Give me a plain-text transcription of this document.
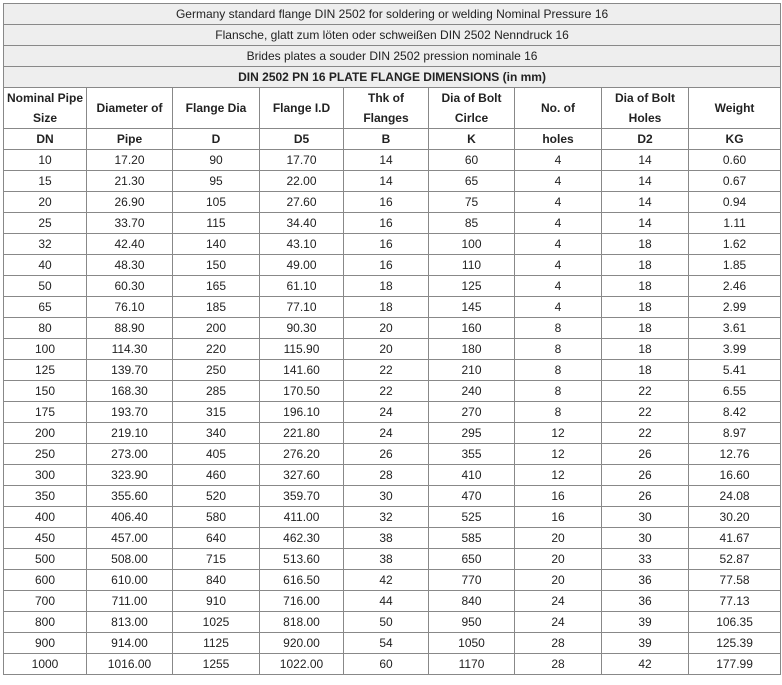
Germany standard flange DIN 2502 for soldering or welding Nominal Pressure 16								
Flansche, glatt zum löten oder schweißen DIN 2502 Nenndruck 16								
Brides plates a souder DIN 2502 pression nominale 16								
DIN 2502 PN 16 PLATE FLANGE DIMENSIONS (in mm)								
Nominal Pipe Size	Diameter of	Flange Dia	Flange I.D	Thk of Flanges	Dia of Bolt Cirlce	No. of	Dia of Bolt Holes	Weight
DN	Pipe	D	D5	B	K	holes	D2	KG
10	17.20	90	17.70	14	60	4	14	0.60
15	21.30	95	22.00	14	65	4	14	0.67
20	26.90	105	27.60	16	75	4	14	0.94
25	33.70	115	34.40	16	85	4	14	1.11
32	42.40	140	43.10	16	100	4	18	1.62
40	48.30	150	49.00	16	110	4	18	1.85
50	60.30	165	61.10	18	125	4	18	2.46
65	76.10	185	77.10	18	145	4	18	2.99
80	88.90	200	90.30	20	160	8	18	3.61
100	114.30	220	115.90	20	180	8	18	3.99
125	139.70	250	141.60	22	210	8	18	5.41
150	168.30	285	170.50	22	240	8	22	6.55
175	193.70	315	196.10	24	270	8	22	8.42
200	219.10	340	221.80	24	295	12	22	8.97
250	273.00	405	276.20	26	355	12	26	12.76
300	323.90	460	327.60	28	410	12	26	16.60
350	355.60	520	359.70	30	470	16	26	24.08
400	406.40	580	411.00	32	525	16	30	30.20
450	457.00	640	462.30	38	585	20	30	41.67
500	508.00	715	513.60	38	650	20	33	52.87
600	610.00	840	616.50	42	770	20	36	77.58
700	711.00	910	716.00	44	840	24	36	77.13
800	813.00	1025	818.00	50	950	24	39	106.35
900	914.00	1125	920.00	54	1050	28	39	125.39
1000	1016.00	1255	1022.00	60	1170	28	42	177.99
